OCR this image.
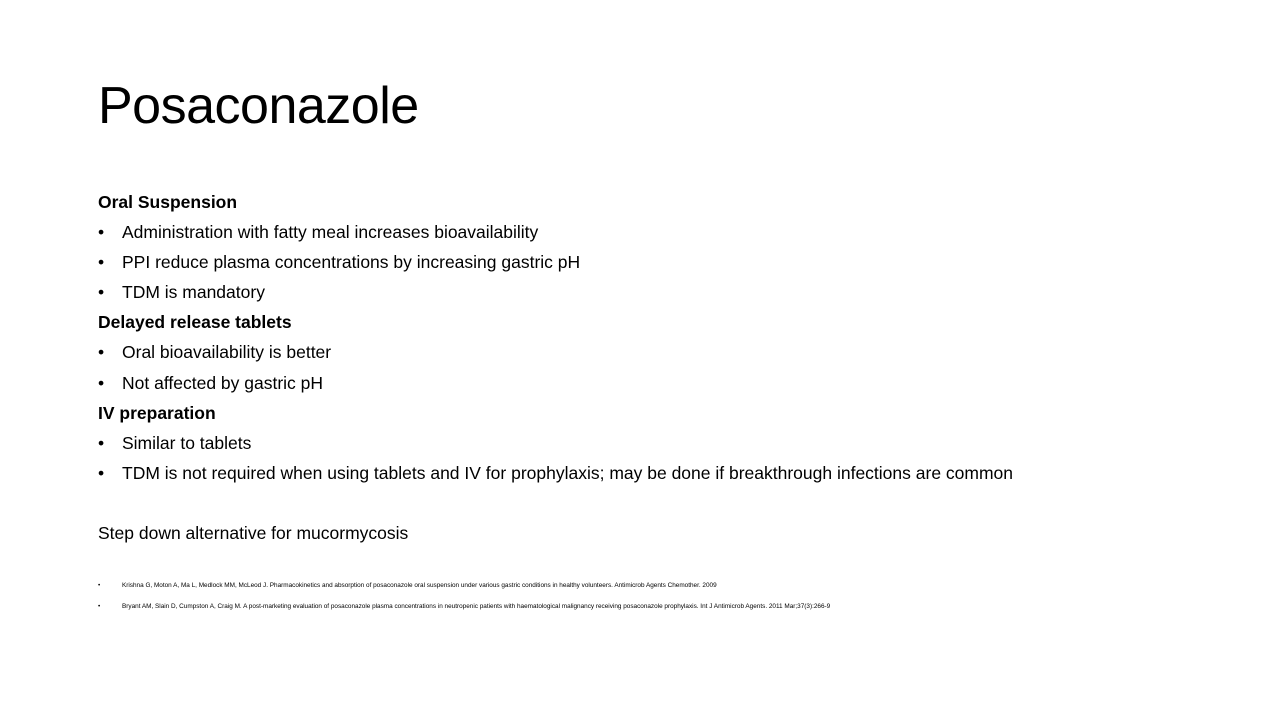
Posaconazole
Oral Suspension
•	Administration with fatty meal increases bioavailability
•	PPI reduce plasma concentrations by increasing gastric pH
•	TDM is mandatory
Delayed release tablets
•	Oral bioavailability is better
•	Not affected by gastric pH
IV preparation
•	Similar to tablets
•	TDM is not required when using tablets and IV for prophylaxis; may be done if breakthrough infections are common
Step down alternative for mucormycosis
•	Krishna G, Moton A, Ma L, Medlock MM, McLeod J. Pharmacokinetics and absorption of posaconazole oral suspension under various gastric conditions in healthy volunteers. Antimicrob Agents Chemother. 2009
•	Bryant AM, Slain D, Cumpston A, Craig M. A post-marketing evaluation of posaconazole plasma concentrations in neutropenic patients with haematological malignancy receiving posaconazole prophylaxis. Int J Antimicrob Agents. 2011 Mar;37(3):266-9
